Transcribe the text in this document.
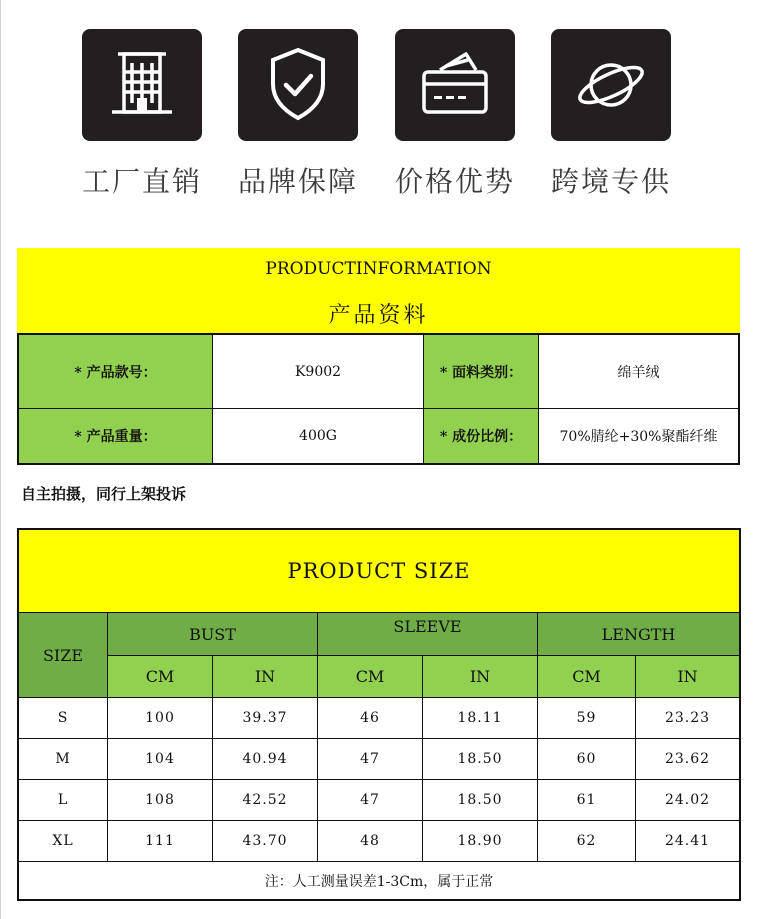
工厂直销 品牌保障 价格优势 跨境专供
PRODUCTINFORMATION
产品资料
* 产品款号：	K9002	* 面料类别：	绵羊绒
* 产品重量：	400G	* 成份比例：	70%腈纶+30%聚酯纤维
自主拍摄，同行上架投诉
PRODUCT SIZE
SIZE
BUST	SLEEVE	LENGTH
CM	IN	CM	IN	CM	IN
S	100	39.37	46	18.11	59	23.23
M	104	40.94	47	18.50	60	23.62
L	108	42.52	47	18.50	61	24.02
XL	111	43.70	48	18.90	62	24.41
注：人工测量误差1-3Cm，属于正常
